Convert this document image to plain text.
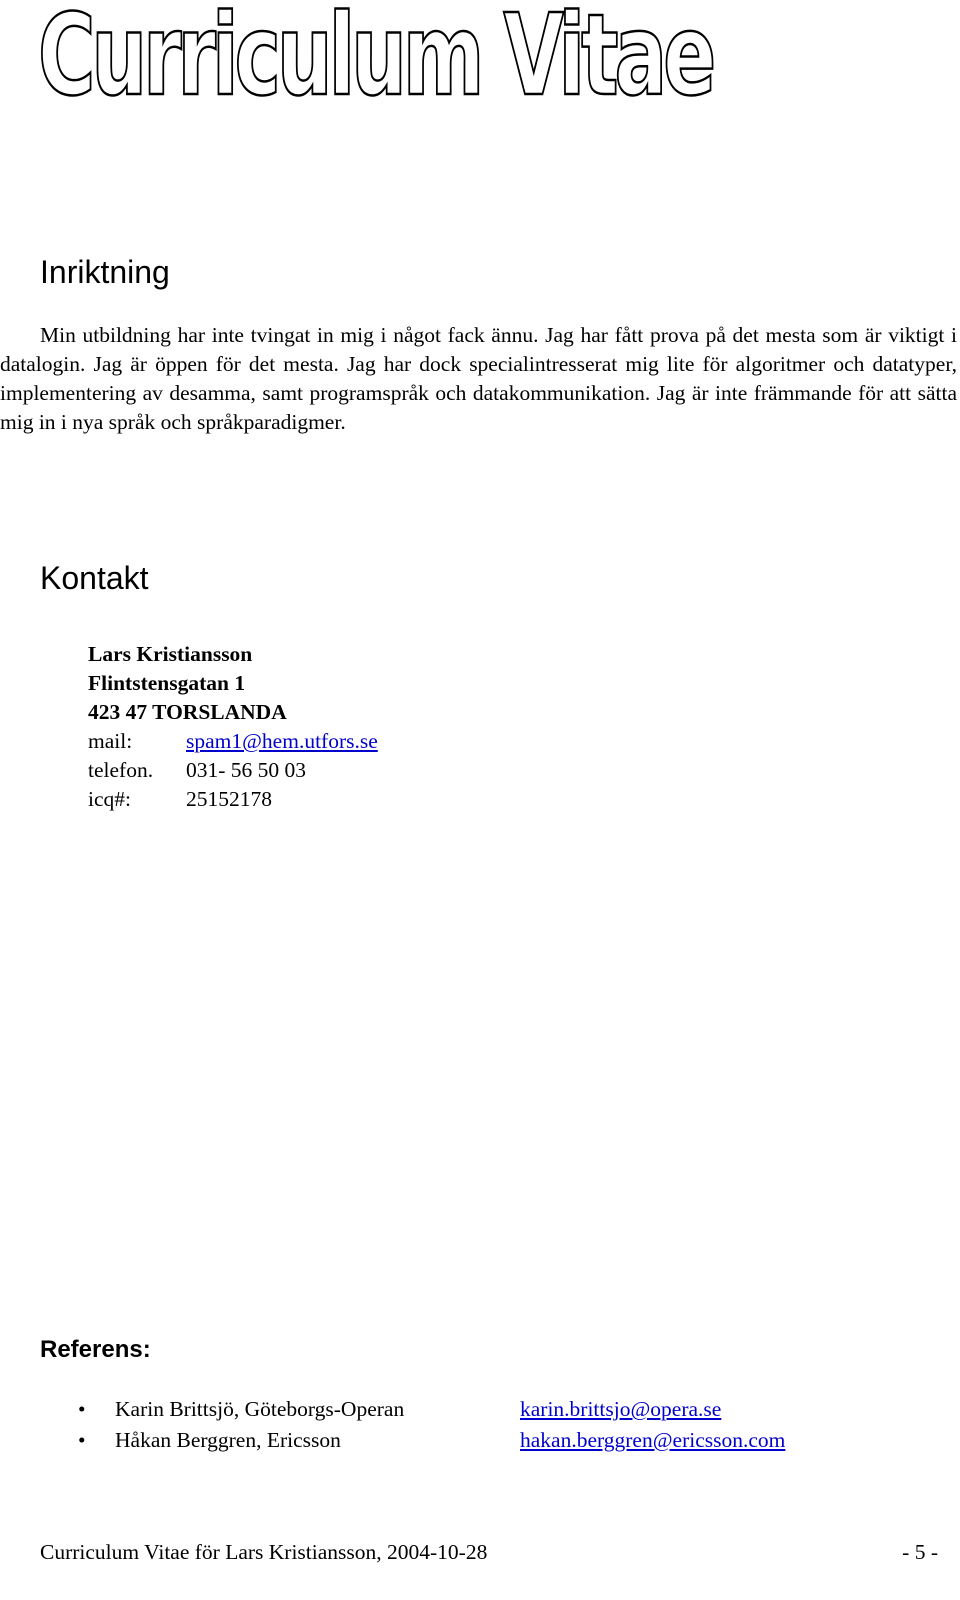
Curriculum Vitae
Inriktning

Min utbildning har inte tvingat in mig i något fack ännu. Jag har fått prova på det mesta som är viktigt i datalogin. Jag är öppen för det mesta. Jag har dock specialintresserat mig lite för algoritmer och datatyper, implementering av desamma, samt programspråk och datakommunikation. Jag är inte främmande för att sätta mig in i nya språk och språkparadigmer.

Kontakt
Lars Kristiansson
Flintstensgatan 1
423 47 TORSLANDA
mail:	spam1@hem.utfors.se
telefon.	031- 56 50 03
icq#:	25152178
Referens:
•	Karin Brittsjö, Göteborgs-Operan	karin.brittsjo@opera.se
•	Håkan Berggren, Ericsson	hakan.berggren@ericsson.com
Curriculum Vitae för Lars Kristiansson, 2004-10-28	- 5 -
